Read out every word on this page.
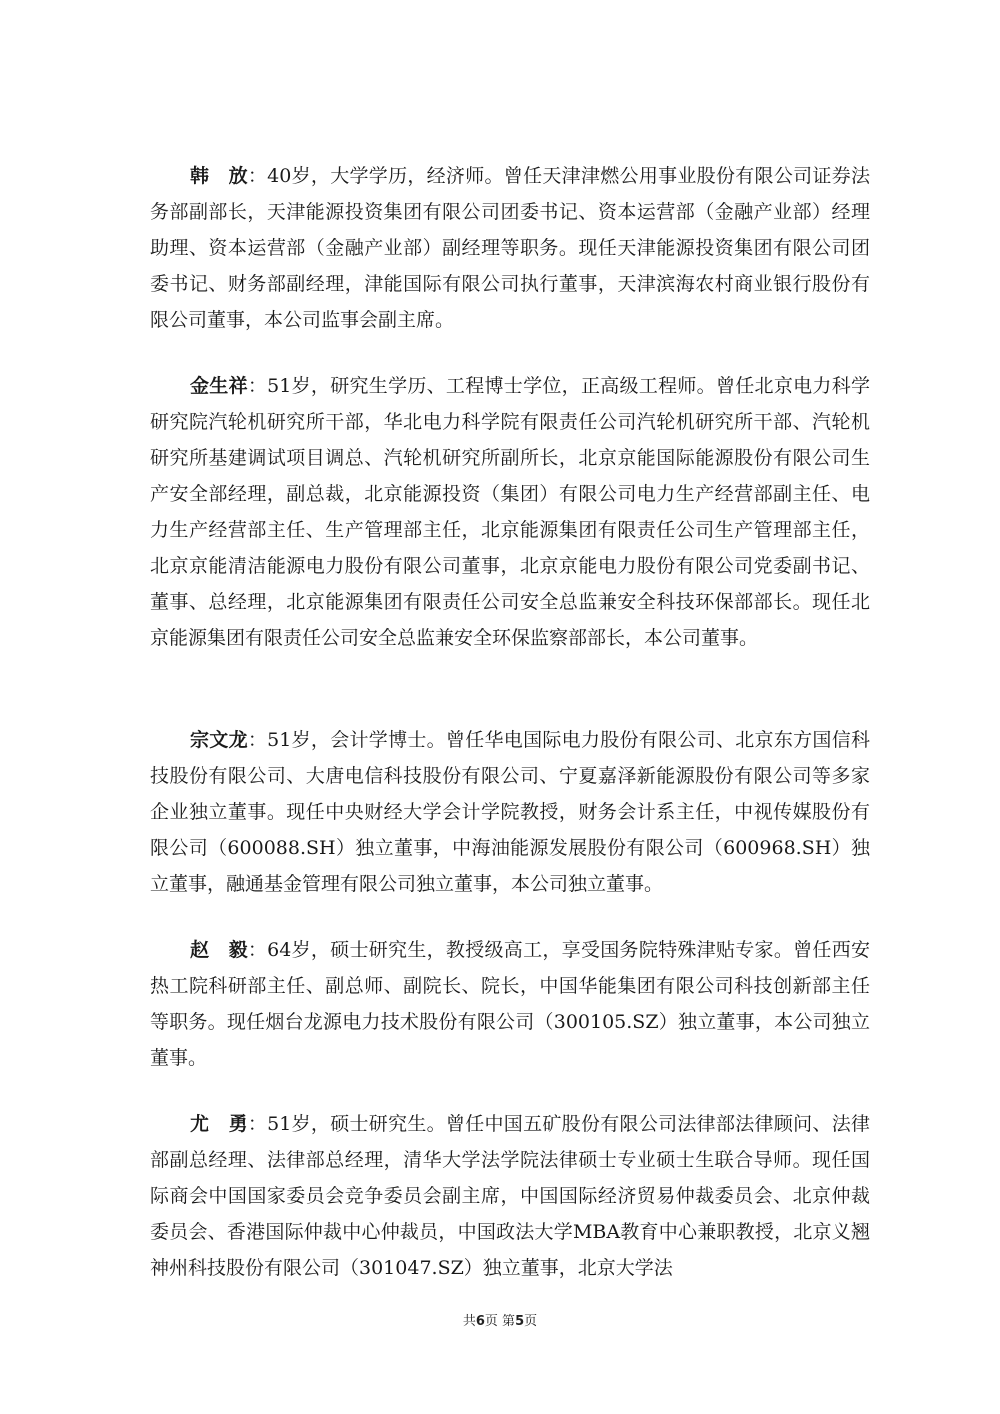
韩　放：40岁，大学学历，经济师。曾任天津津燃公用事业股份有限公司证券法务部副部长，天津能源投资集团有限公司团委书记、资本运营部（金融产业部）经理助理、资本运营部（金融产业部）副经理等职务。现任天津能源投资集团有限公司团委书记、财务部副经理，津能国际有限公司执行董事，天津滨海农村商业银行股份有限公司董事，本公司监事会副主席。

金生祥：51岁，研究生学历、工程博士学位，正高级工程师。曾任北京电力科学研究院汽轮机研究所干部，华北电力科学院有限责任公司汽轮机研究所干部、汽轮机研究所基建调试项目调总、汽轮机研究所副所长，北京京能国际能源股份有限公司生产安全部经理，副总裁，北京能源投资（集团）有限公司电力生产经营部副主任、电力生产经营部主任、生产管理部主任，北京能源集团有限责任公司生产管理部主任，北京京能清洁能源电力股份有限公司董事，北京京能电力股份有限公司党委副书记、董事、总经理，北京能源集团有限责任公司安全总监兼安全科技环保部部长。现任北京能源集团有限责任公司安全总监兼安全环保监察部部长，本公司董事。

宗文龙：51岁，会计学博士。曾任华电国际电力股份有限公司、北京东方国信科技股份有限公司、大唐电信科技股份有限公司、宁夏嘉泽新能源股份有限公司等多家企业独立董事。现任中央财经大学会计学院教授，财务会计系主任，中视传媒股份有限公司（600088.SH）独立董事，中海油能源发展股份有限公司（600968.SH）独立董事，融通基金管理有限公司独立董事，本公司独立董事。

赵　毅：64岁，硕士研究生，教授级高工，享受国务院特殊津贴专家。曾任西安热工院科研部主任、副总师、副院长、院长，中国华能集团有限公司科技创新部主任等职务。现任烟台龙源电力技术股份有限公司（300105.SZ）独立董事，本公司独立董事。

尤　勇：51岁，硕士研究生。曾任中国五矿股份有限公司法律部法律顾问、法律部副总经理、法律部总经理，清华大学法学院法律硕士专业硕士生联合导师。现任国际商会中国国家委员会竞争委员会副主席，中国国际经济贸易仲裁委员会、北京仲裁委员会、香港国际仲裁中心仲裁员，中国政法大学MBA教育中心兼职教授，北京义翘神州科技股份有限公司（301047.SZ）独立董事，北京大学法

共6页 第5页
